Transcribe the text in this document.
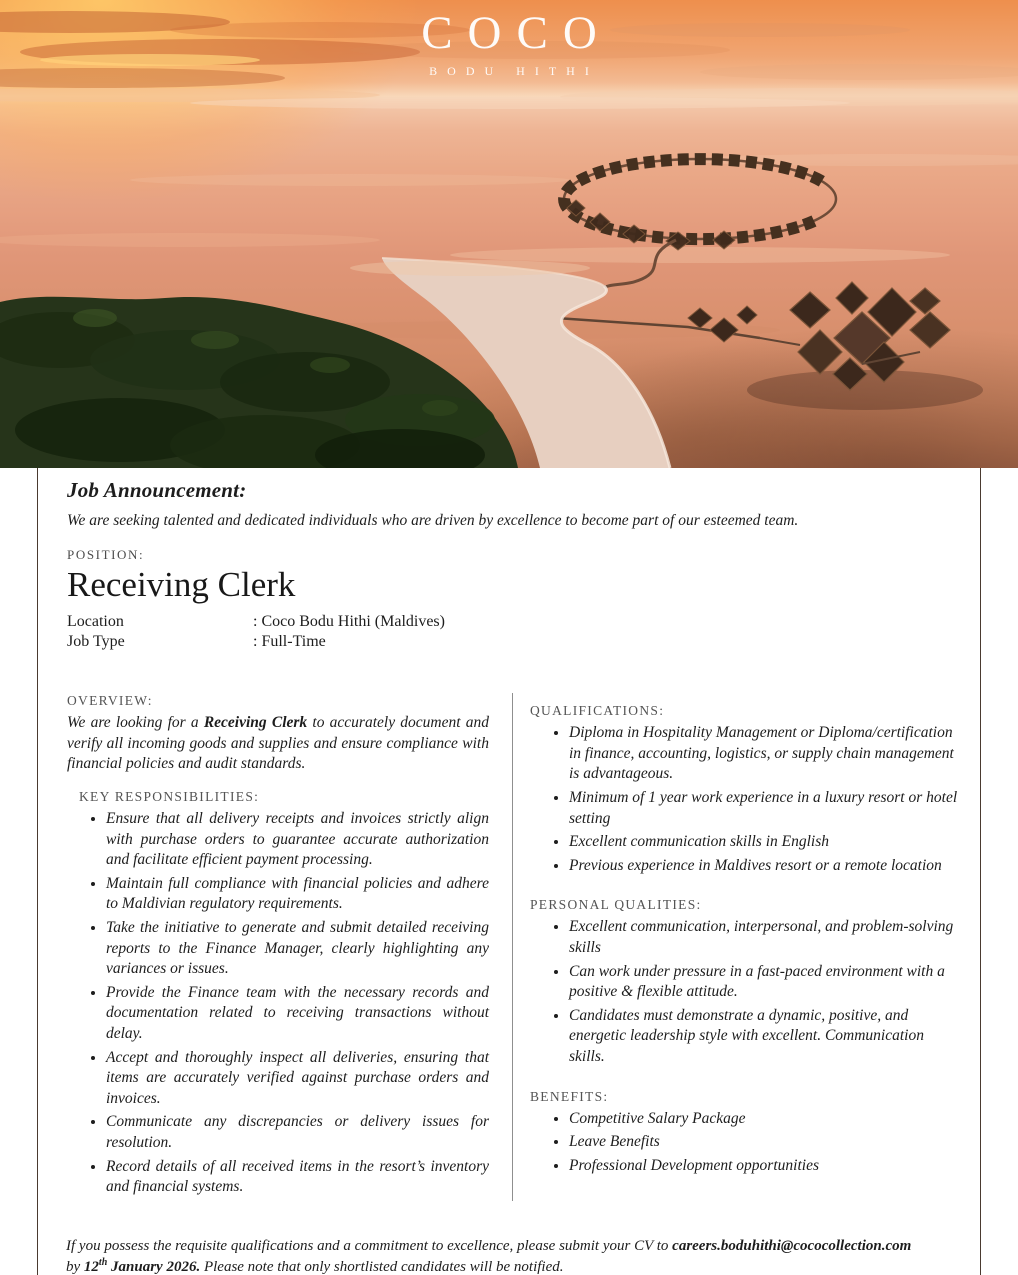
COCO
BODU HITHI
Job Announcement:
We are seeking talented and dedicated individuals who are driven by excellence to become part of our esteemed team.
POSITION:
Receiving Clerk
Location	: Coco Bodu Hithi (Maldives)
Job Type	: Full-Time
OVERVIEW:
We are looking for a Receiving Clerk to accurately document and verify all incoming goods and supplies and ensure compliance with financial policies and audit standards.
KEY RESPONSIBILITIES:
• Ensure that all delivery receipts and invoices strictly align with purchase orders to guarantee accurate authorization and facilitate efficient payment processing.
• Maintain full compliance with financial policies and adhere to Maldivian regulatory requirements.
• Take the initiative to generate and submit detailed receiving reports to the Finance Manager, clearly highlighting any variances or issues.
• Provide the Finance team with the necessary records and documentation related to receiving transactions without delay.
• Accept and thoroughly inspect all deliveries, ensuring that items are accurately verified against purchase orders and invoices.
• Communicate any discrepancies or delivery issues for resolution.
• Record details of all received items in the resort’s inventory and financial systems.
QUALIFICATIONS:
• Diploma in Hospitality Management or Diploma/certification in finance, accounting, logistics, or supply chain management is advantageous.
• Minimum of 1 year work experience in a luxury resort or hotel setting
• Excellent communication skills in English
• Previous experience in Maldives resort or a remote location
PERSONAL QUALITIES:
• Excellent communication, interpersonal, and problem-solving skills
• Can work under pressure in a fast-paced environment with a positive & flexible attitude.
• Candidates must demonstrate a dynamic, positive, and energetic leadership style with excellent. Communication skills.
BENEFITS:
• Competitive Salary Package
• Leave Benefits
• Professional Development opportunities
If you possess the requisite qualifications and a commitment to excellence, please submit your CV to careers.boduhithi@cococollection.com
by 12th January 2026. Please note that only shortlisted candidates will be notified.
